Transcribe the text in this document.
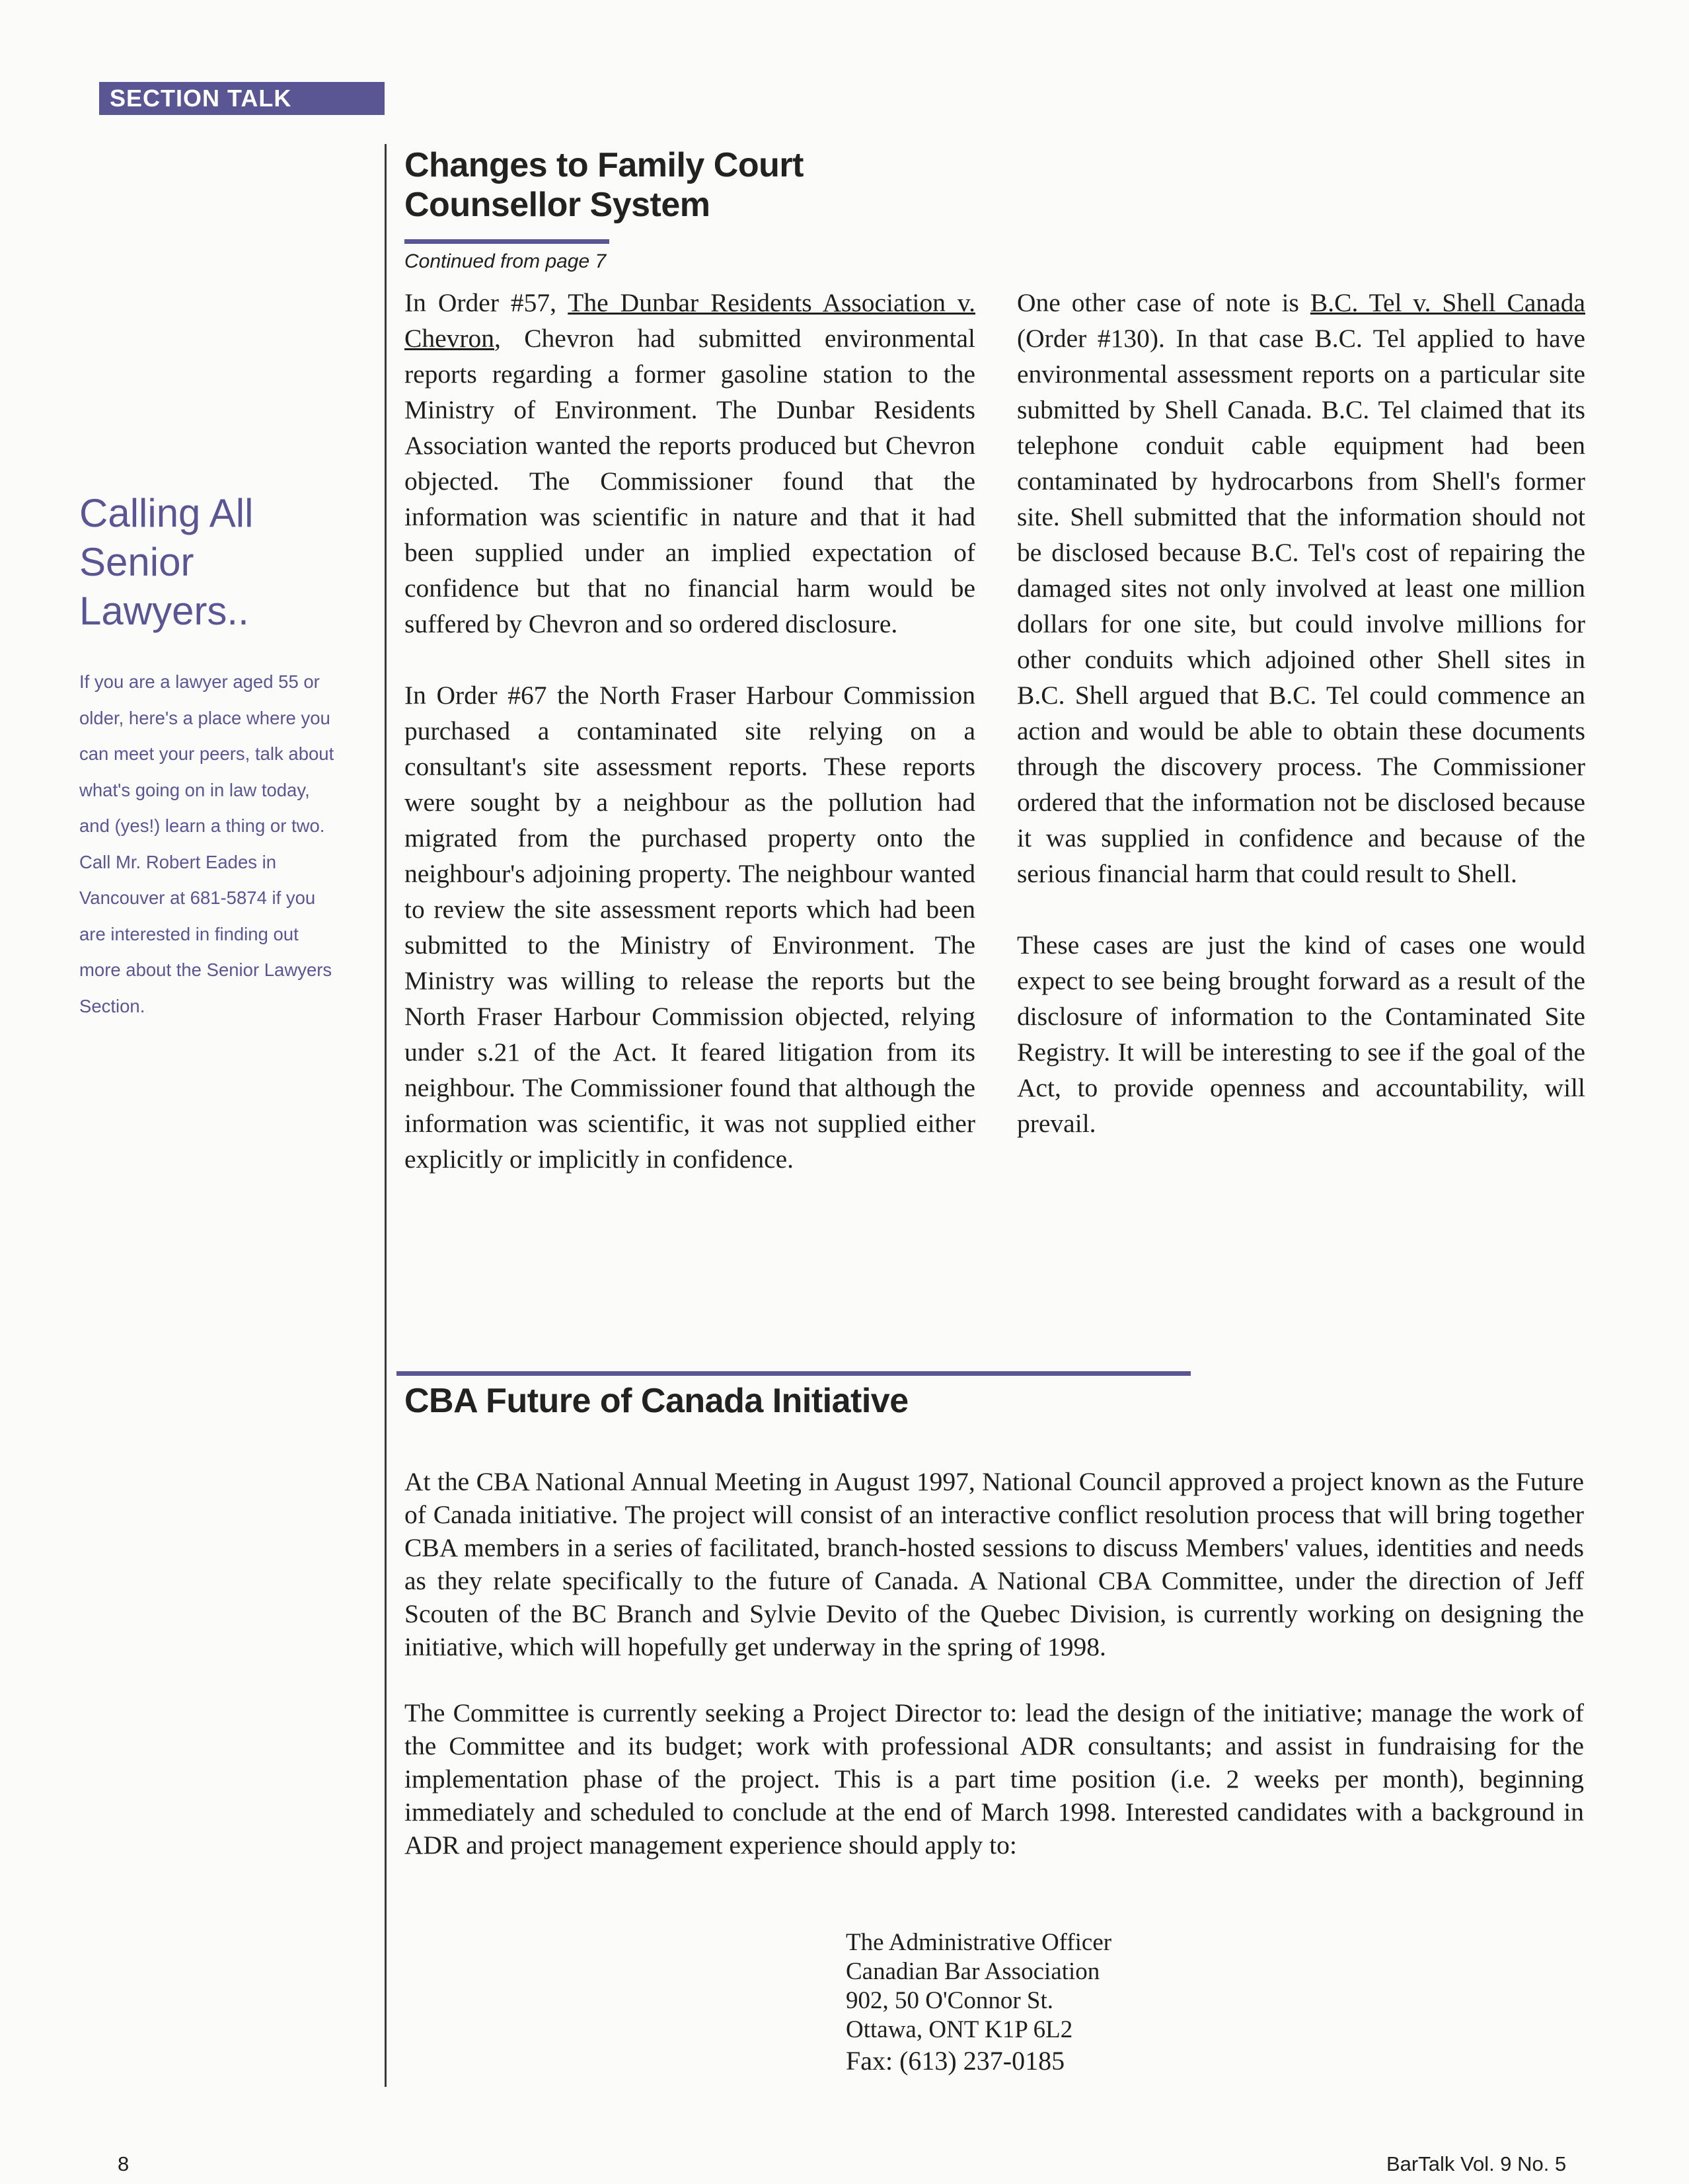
SECTION TALK
Calling All
Senior
Lawyers..

If you are a lawyer aged 55 or

older, here's a place where you

can meet your peers, talk about

what's going on in law today,

and (yes!) learn a thing or two.

Call Mr. Robert Eades in

Vancouver at 681-5874 if you

are interested in finding out

more about the Senior Lawyers

Section.

Changes to Family Court
Counsellor System
Continued from page 7

In Order #57, The Dunbar Residents Association v. Chevron, Chevron had submitted environmental reports regarding a former gasoline station to the Ministry of Environment. The Dunbar Residents Association wanted the reports produced but Chevron objected. The Commissioner found that the information was scientific in nature and that it had been supplied under an implied expectation of confidence but that no financial harm would be suffered by Chevron and so ordered disclosure.

In Order #67 the North Fraser Harbour Commission purchased a contaminated site relying on a consultant's site assessment reports. These reports were sought by a neighbour as the pollution had migrated from the purchased property onto the neighbour's adjoining property. The neighbour wanted to review the site assessment reports which had been submitted to the Ministry of Environment. The Ministry was willing to release the reports but the North Fraser Harbour Commission objected, relying under s.21 of the Act. It feared litigation from its neighbour. The Commissioner found that although the information was scientific, it was not supplied either explicitly or implicitly in confidence.

One other case of note is B.C. Tel v. Shell Canada (Order #130). In that case B.C. Tel applied to have environmental assessment reports on a particular site submitted by Shell Canada. B.C. Tel claimed that its telephone conduit cable equipment had been contaminated by hydrocarbons from Shell's former site. Shell submitted that the information should not be disclosed because B.C. Tel's cost of repairing the damaged sites not only involved at least one million dollars for one site, but could involve millions for other conduits which adjoined other Shell sites in B.C. Shell argued that B.C. Tel could commence an action and would be able to obtain these documents through the discovery process. The Commissioner ordered that the information not be disclosed because it was supplied in confidence and because of the serious financial harm that could result to Shell.

These cases are just the kind of cases one would expect to see being brought forward as a result of the disclosure of information to the Contaminated Site Registry. It will be interesting to see if the goal of the Act, to provide openness and accountability, will prevail.

CBA Future of Canada Initiative

At the CBA National Annual Meeting in August 1997, National Council approved a project known as the Future of Canada initiative. The project will consist of an interactive conflict resolution process that will bring together CBA members in a series of facilitated, branch-hosted sessions to discuss Members' values, identities and needs as they relate specifically to the future of Canada. A National CBA Committee, under the direction of Jeff Scouten of the BC Branch and Sylvie Devito of the Quebec Division, is currently working on designing the initiative, which will hopefully get underway in the spring of 1998.

The Committee is currently seeking a Project Director to: lead the design of the initiative; manage the work of the Committee and its budget; work with professional ADR consultants; and assist in fundraising for the implementation phase of the project. This is a part time position (i.e. 2 weeks per month), beginning immediately and scheduled to conclude at the end of March 1998. Interested candidates with a background in ADR and project management experience should apply to:

The Administrative Officer
Canadian Bar Association
902, 50 O'Connor St.
Ottawa, ONT K1P 6L2
Fax: (613) 237-0185
8	BarTalk Vol. 9 No. 5
